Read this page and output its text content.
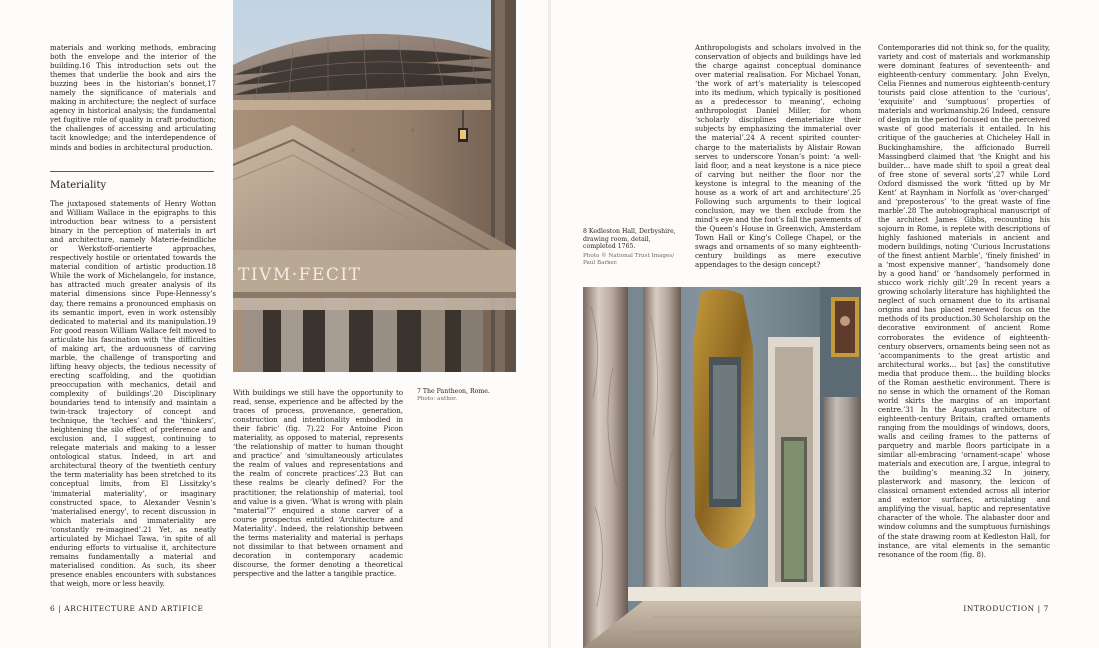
materials and working methods, embracing both the envelope and the interior of the building.16 This introduction sets out the themes that underlie the book and airs the buzzing bees in the historian’s bonnet,17 namely the significance of materials and making in architecture; the neglect of surface agency in historical analysis; the fundamental yet fugitive role of quality in craft production; the challenges of accessing and articulating tacit knowledge; and the interdependence of minds and bodies in architectural production.

Materiality

The juxtaposed statements of Henry Wotton and William Wallace in the epigraphs to this introduction bear witness to a persistent binary in the perception of materials in art and architecture, namely Materie-feindliche or Werkstoff-orientierte approaches, respectively hostile or orientated towards the material condition of artistic production.18 While the work of Michelangelo, for instance, has attracted much greater analysis of its material dimensions since Pope-Hennessy’s day, there remains a pronounced emphasis on its semantic import, even in work ostensibly dedicated to material and its manipulation.19 For good reason William Wallace felt moved to articulate his fascination with ‘the difficulties of making art, the arduousness of carving marble, the challenge of transporting and lifting heavy objects, the tedious necessity of erecting scaffolding, and the quotidian preoccupation with mechanics, detail and complexity of buildings’.20 Disciplinary boundaries tend to intensify and maintain a twin-track trajectory of concept and technique, the ‘techies’ and the ‘thinkers’, heightening the silo effect of preference and exclusion and, I suggest, continuing to relegate materials and making to a lesser ontological status. Indeed, in art and architectural theory of the twentieth century the term materiality has been stretched to its conceptual limits, from El Lissitzky’s ‘immaterial materiality’, or imaginary constructed space, to Alexander Vesnin’s ‘materialised energy’, to recent discussion in which materials and immateriality are ‘constantly re-imagined’.21 Yet, as neatly articulated by Michael Tawa, ‘in spite of all enduring efforts to virtualise it, architecture remains fundamentally a material and materialised condition. As such, its sheer presence enables encounters with substances that weigh, more or less heavily.

TIVM·FECIT

With buildings we still have the opportunity to read, sense, experience and be affected by the traces of process, provenance, generation, construction and intentionality embodied in their fabric’ (fig. 7).22 For Antoine Picon materiality, as opposed to material, represents ‘the relationship of matter to human thought and practice’ and ‘simultaneously articulates the realm of values and representations and the realm of concrete practices’.23 But can these realms be clearly defined? For the practitioner, the relationship of material, tool and value is a given. ‘What is wrong with plain “material”?’ enquired a stone carver of a course prospectus entitled ‘Architecture and Materiality’. Indeed, the relationship between the terms materiality and material is perhaps not dissimilar to that between ornament and decoration in contemporary academic discourse, the former denoting a theoretical perspective and the latter a tangible practice.

7 The Pantheon, Rome.
Photo: author.
6 | ARCHITECTURE AND ARTIFICE
8 Kedleston Hall, Derbyshire, drawing room, detail, completed 1765.
Photo © National Trust Images/ Paul Barker.

Anthropologists and scholars involved in the conservation of objects and buildings have led the charge against conceptual dominance over material realisation. For Michael Yonan, ‘the work of art’s materiality is telescoped into its medium, which typically is positioned as a predecessor to meaning’, echoing anthropologist Daniel Miller, for whom ‘scholarly disciplines dematerialize their subjects by emphasizing the immaterial over the material’.24 A recent spirited counter-charge to the materialists by Alistair Rowan serves to underscore Yonan’s point: ‘a well-laid floor, and a neat keystone is a nice piece of carving but neither the floor nor the keystone is integral to the meaning of the house as a work of art and architecture’.25 Following such arguments to their logical conclusion, may we then exclude from the mind’s eye and the foot’s fall the pavements of the Queen’s House in Greenwich, Amsterdam Town Hall or King’s College Chapel, or the swags and ornaments of so many eighteenth-century buildings as mere executive appendages to the design concept?

Contemporaries did not think so, for the quality, variety and cost of materials and workmanship were dominant features of seventeenth- and eighteenth-century commentary. John Evelyn, Celia Fiennes and numerous eighteenth-century tourists paid close attention to the ‘curious’, ‘exquisite’ and ‘sumptuous’ properties of materials and workmanship.26 Indeed, censure of design in the period focused on the perceived waste of good materials it entailed. In his critique of the gaucheries at Chicheley Hall in Buckinghamshire, the afficionado Burrell Massingberd claimed that ‘the Knight and his builder… have made shift to spoil a great deal of free stone of several sorts’,27 while Lord Oxford dismissed the work ‘fitted up by Mr Kent’ at Raynham in Norfolk as ‘over-charged’ and ‘preposterous’ ‘to the great waste of fine marble’.28 The autobiographical manuscript of the architect James Gibbs, recounting his sojourn in Rome, is replete with descriptions of highly fashioned materials in ancient and modern buildings, noting ‘Curious Incrustations of the finest antient Marble’, ‘finely finished’ in a ‘most expensive manner’, ‘handsomely done by a good hand’ or ‘handsomely performed in stucco work richly gilt’.29 In recent years a growing scholarly literature has highlighted the neglect of such ornament due to its artisanal origins and has placed renewed focus on the methods of its production.30 Scholarship on the decorative environment of ancient Rome corroborates the evidence of eighteenth-century observers, ornaments being seen not as ‘accompaniments to the great artistic and architectural works… but [as] the constitutive media that produce them… the building blocks of the Roman aesthetic environment. There is no sense in which the ornament of the Roman world skirts the margins of an important centre.’31 In the Augustan architecture of eighteenth-century Britain, crafted ornaments ranging from the mouldings of windows, doors, walls and ceiling frames to the patterns of parquetry and marble floors participate in a similar all-embracing ‘ornament-scape’ whose materials and execution are, I argue, integral to the building’s meaning.32 In joinery, plasterwork and masonry, the lexicon of classical ornament extended across all interior and exterior surfaces, articulating and amplifying the visual, haptic and representative character of the whole. The alabaster door and window columns and the sumptuous furnishings of the state drawing room at Kedleston Hall, for instance, are vital elements in the semantic resonance of the room (fig. 8).

INTRODUCTION | 7
